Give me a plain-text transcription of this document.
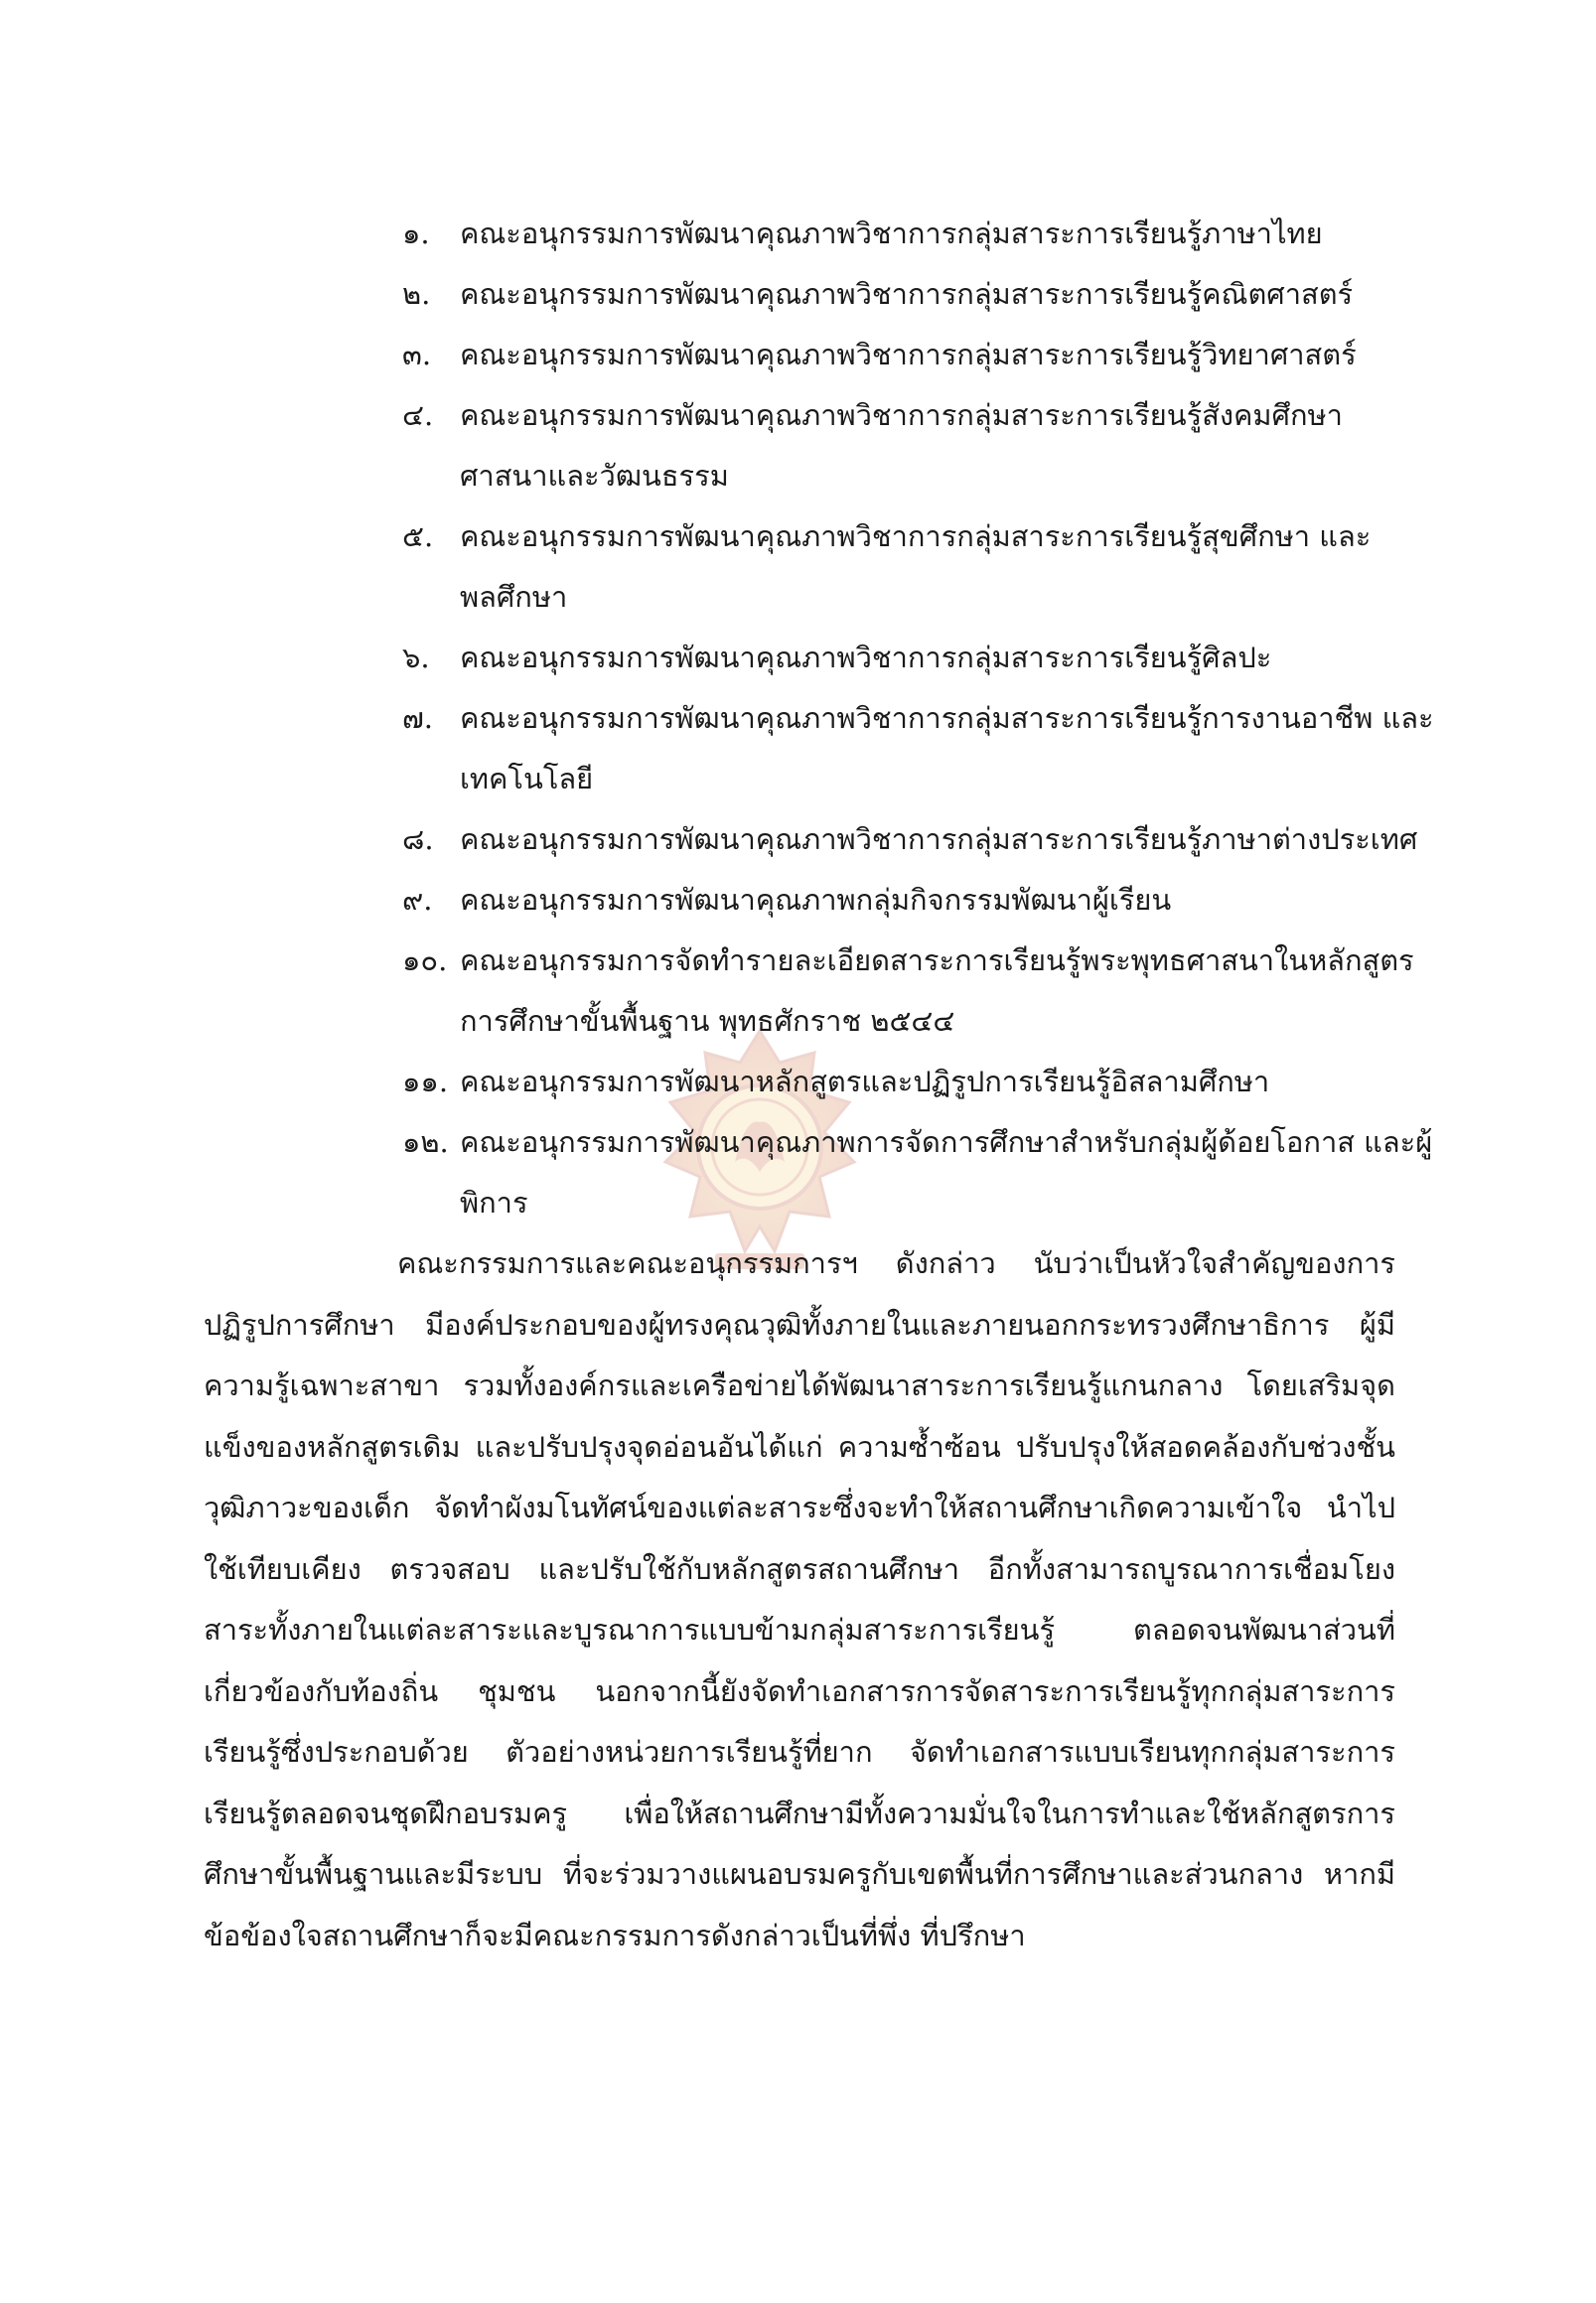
๑.	คณะอนุกรรมการพัฒนาคุณภาพวิชาการกลุ่มสาระการเรียนรู้ภาษาไทย
๒.	คณะอนุกรรมการพัฒนาคุณภาพวิชาการกลุ่มสาระการเรียนรู้คณิตศาสตร์
๓. คณะอนุกรรมการพัฒนาคุณภาพวิชาการกลุ่มสาระการเรียนรู้วิทยาศาสตร์
๔. คณะอนุกรรมการพัฒนาคุณภาพวิชาการกลุ่มสาระการเรียนรู้สังคมศึกษา ศาสนาและวัฒนธรรม
๕. คณะอนุกรรมการพัฒนาคุณภาพวิชาการกลุ่มสาระการเรียนรู้สุขศึกษา และพลศึกษา
๖.	คณะอนุกรรมการพัฒนาคุณภาพวิชาการกลุ่มสาระการเรียนรู้ศิลปะ
๗. คณะอนุกรรมการพัฒนาคุณภาพวิชาการกลุ่มสาระการเรียนรู้การงานอาชีพ และเทคโนโลยี
๘. คณะอนุกรรมการพัฒนาคุณภาพวิชาการกลุ่มสาระการเรียนรู้ภาษาต่างประเทศ
๙. คณะอนุกรรมการพัฒนาคุณภาพกลุ่มกิจกรรมพัฒนาผู้เรียน
๑๐. คณะอนุกรรมการจัดทำรายละเอียดสาระการเรียนรู้พระพุทธศาสนาในหลักสูตร การศึกษาขั้นพื้นฐาน พุทธศักราช ๒๕๔๔
๑๑. คณะอนุกรรมการพัฒนาหลักสูตรและปฏิรูปการเรียนรู้อิสลามศึกษา
๑๒. คณะอนุกรรมการพัฒนาคุณภาพการจัดการศึกษาสำหรับกลุ่มผู้ด้อยโอกาส และผู้พิการ

คณะกรรมการและคณะอนุกรรมการฯ ดังกล่าว นับว่าเป็นหัวใจสำคัญของการปฏิรูปการศึกษา มีองค์ประกอบของผู้ทรงคุณวุฒิทั้งภายในและภายนอกกระทรวงศึกษาธิการ ผู้มีความรู้เฉพาะสาขา รวมทั้งองค์กรและเครือข่ายได้พัฒนาสาระการเรียนรู้แกนกลาง โดยเสริมจุดแข็งของหลักสูตรเดิม และปรับปรุงจุดอ่อนอันได้แก่ ความซ้ำซ้อน ปรับปรุงให้สอดคล้องกับช่วงชั้นวุฒิภาวะของเด็ก จัดทำผังมโนทัศน์ของแต่ละสาระซึ่งจะทำให้สถานศึกษาเกิดความเข้าใจ นำไปใช้เทียบเคียง ตรวจสอบ และปรับใช้กับหลักสูตรสถานศึกษา อีกทั้งสามารถบูรณาการเชื่อมโยงสาระทั้งภายในแต่ละสาระและบูรณาการแบบข้ามกลุ่มสาระการเรียนรู้ ตลอดจนพัฒนาส่วนที่เกี่ยวข้องกับท้องถิ่น ชุมชน นอกจากนี้ยังจัดทำเอกสารการจัดสาระการเรียนรู้ทุกกลุ่มสาระการเรียนรู้ซึ่งประกอบด้วย ตัวอย่างหน่วยการเรียนรู้ที่ยาก จัดทำเอกสารแบบเรียนทุกกลุ่มสาระการเรียนรู้ตลอดจนชุดฝึกอบรมครู เพื่อให้สถานศึกษามีทั้งความมั่นใจในการทำและใช้หลักสูตรการศึกษาขั้นพื้นฐานและมีระบบ ที่จะร่วมวางแผนอบรมครูกับเขตพื้นที่การศึกษาและส่วนกลาง หากมีข้อข้องใจสถานศึกษาก็จะมีคณะกรรมการดังกล่าวเป็นที่พึ่ง ที่ปรึกษา
